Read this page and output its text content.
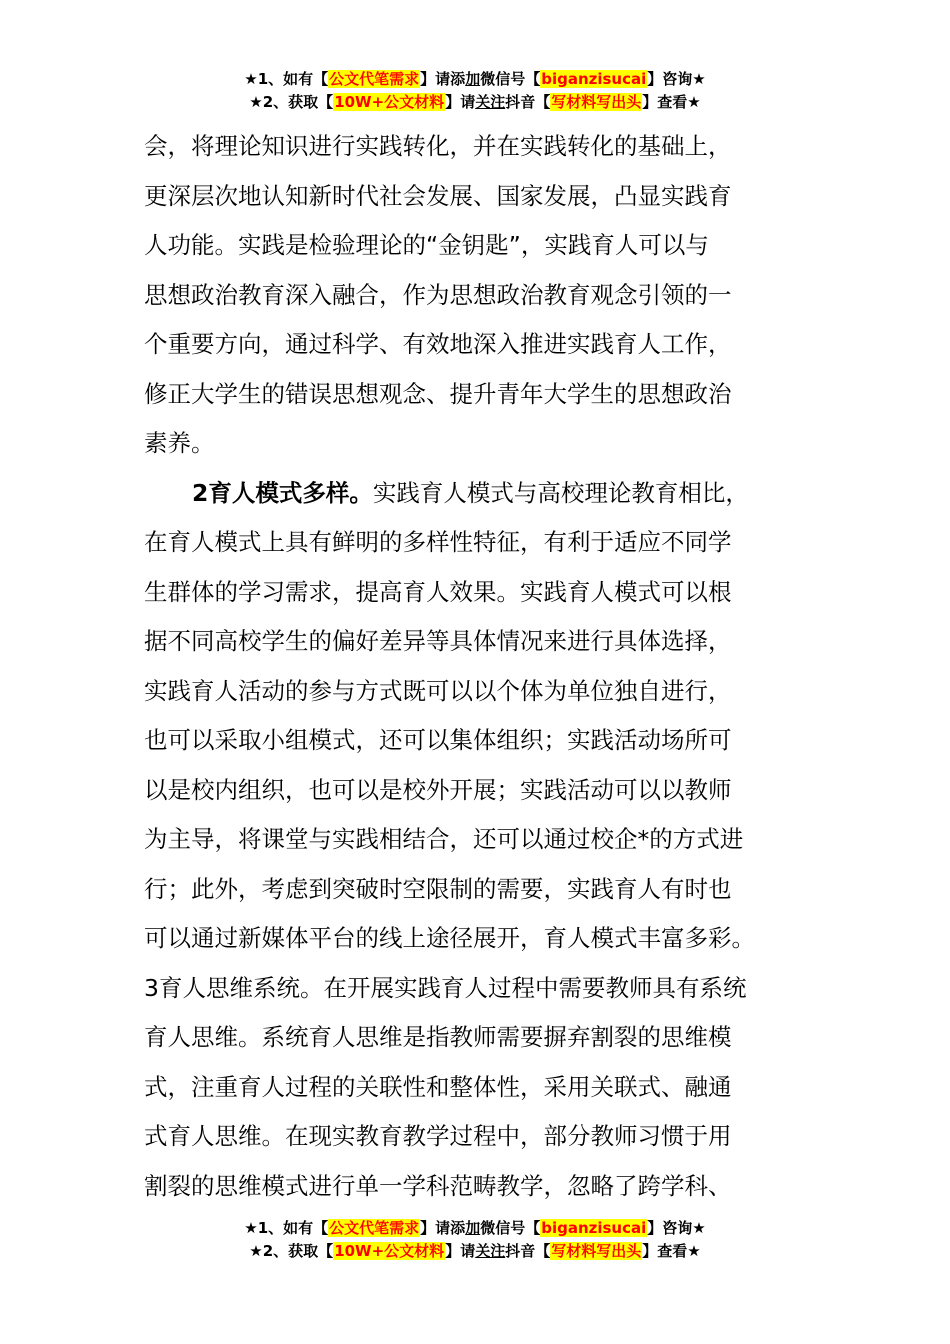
★1、如有【公文代笔需求】请添加微信号【biganzisucai】咨询★
★2、获取【10W+公文材料】请关注抖音【写材料写出头】查看★
会，将理论知识进行实践转化，并在实践转化的基础上，
更深层次地认知新时代社会发展、国家发展，凸显实践育
人功能。实践是检验理论的“金钥匙”，实践育人可以与
思想政治教育深入融合，作为思想政治教育观念引领的一
个重要方向，通过科学、有效地深入推进实践育人工作，
修正大学生的错误思想观念、提升青年大学生的思想政治
素养。
2育人模式多样。实践育人模式与高校理论教育相比，
在育人模式上具有鲜明的多样性特征，有利于适应不同学
生群体的学习需求，提高育人效果。实践育人模式可以根
据不同高校学生的偏好差异等具体情况来进行具体选择，
实践育人活动的参与方式既可以以个体为单位独自进行，
也可以采取小组模式，还可以集体组织；实践活动场所可
以是校内组织，也可以是校外开展；实践活动可以以教师
为主导，将课堂与实践相结合，还可以通过校企*的方式进
行；此外，考虑到突破时空限制的需要，实践育人有时也
可以通过新媒体平台的线上途径展开，育人模式丰富多彩。
3育人思维系统。在开展实践育人过程中需要教师具有系统
育人思维。系统育人思维是指教师需要摒弃割裂的思维模
式，注重育人过程的关联性和整体性，采用关联式、融通
式育人思维。在现实教育教学过程中，部分教师习惯于用
割裂的思维模式进行单一学科范畴教学，忽略了跨学科、
★1、如有【公文代笔需求】请添加微信号【biganzisucai】咨询★
★2、获取【10W+公文材料】请关注抖音【写材料写出头】查看★
